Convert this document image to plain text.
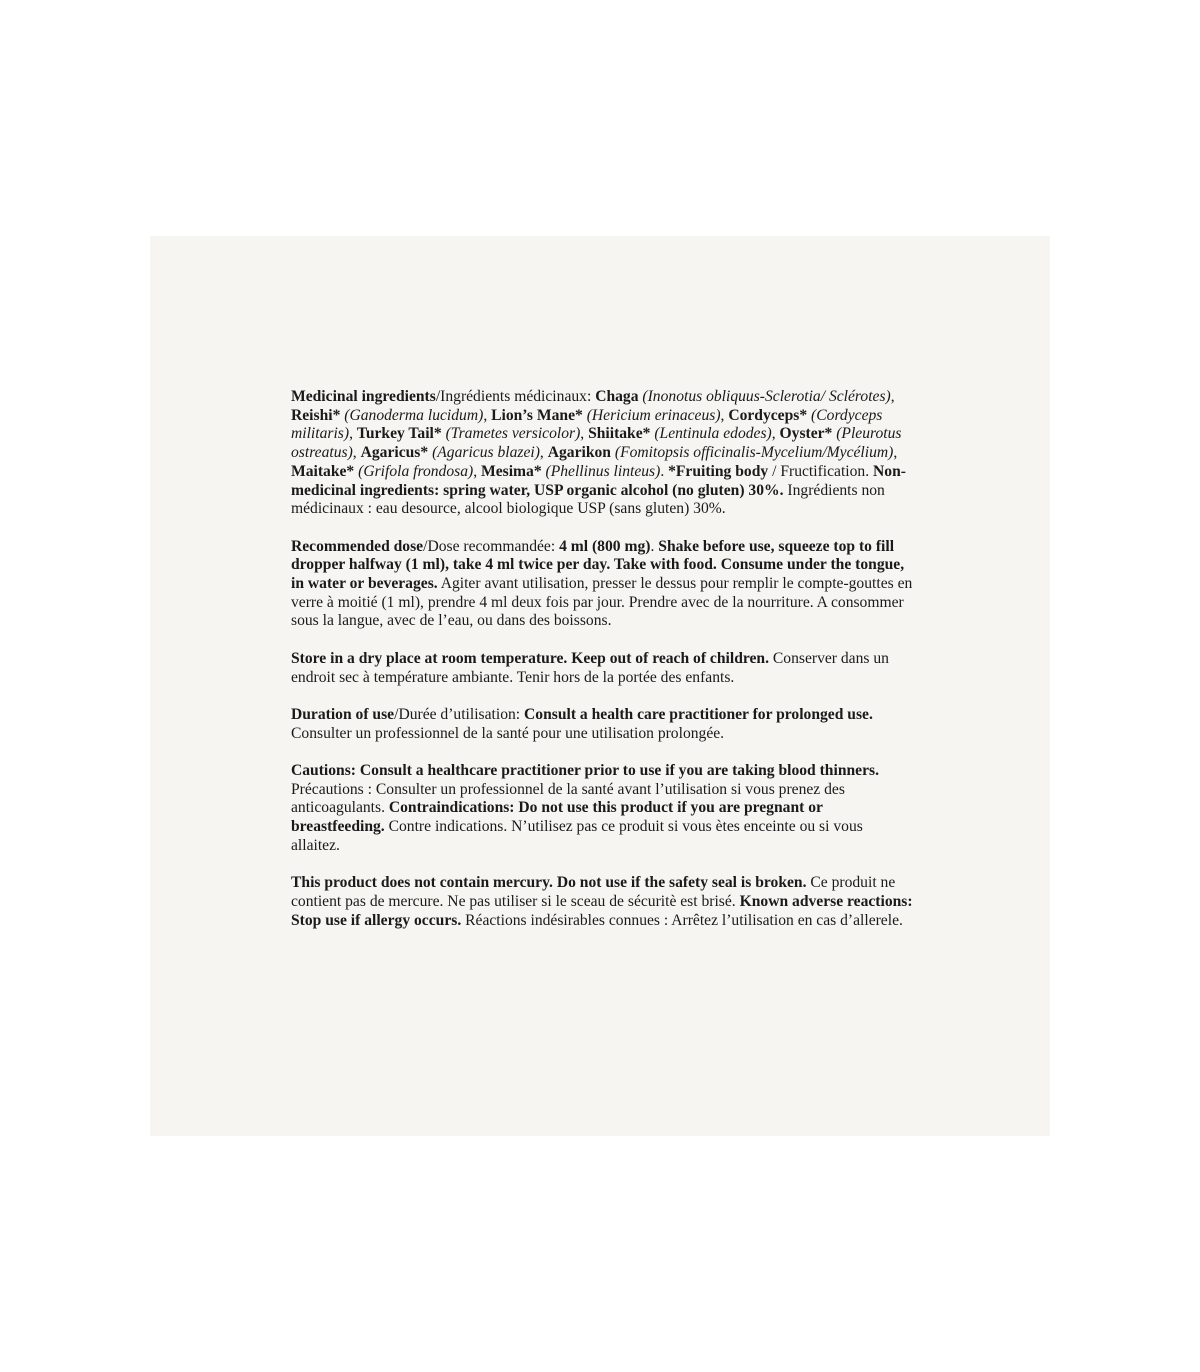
Medicinal ingredients/Ingrédients médicinaux: Chaga (Inonotus obliquus-Sclerotia/ Sclérotes), Reishi* (Ganoderma lucidum), Lion’s Mane* (Hericium erinaceus), Cordyceps* (Cordyceps militaris), Turkey Tail* (Trametes versicolor), Shiitake* (Lentinula edodes), Oyster* (Pleurotus ostreatus), Agaricus* (Agaricus blazei), Agarikon (Fomitopsis officinalis-Mycelium/Mycélium), Maitake* (Grifola frondosa), Mesima* (Phellinus linteus). *Fruiting body / Fructification. Non-medicinal ingredients: spring water, USP organic alcohol (no gluten) 30%. Ingrédients non médicinaux : eau desource, alcool biologique USP (sans gluten) 30%.

Recommended dose/Dose recommandée: 4 ml (800 mg). Shake before use, squeeze top to fill dropper halfway (1 ml), take 4 ml twice per day. Take with food. Consume under the tongue, in water or beverages. Agiter avant utilisation, presser le dessus pour remplir le compte-gouttes en verre à moitié (1 ml), prendre 4 ml deux fois par jour. Prendre avec de la nourriture. A consommer sous la langue, avec de l’eau, ou dans des boissons.

Store in a dry place at room temperature. Keep out of reach of children. Conserver dans un endroit sec à température ambiante. Tenir hors de la portée des enfants.

Duration of use/Durée d’utilisation: Consult a health care practitioner for prolonged use. Consulter un professionnel de la santé pour une utilisation prolongée.

Cautions: Consult a healthcare practitioner prior to use if you are taking blood thinners. Précautions : Consulter un professionnel de la santé avant l’utilisation si vous prenez des anticoagulants. Contraindications: Do not use this product if you are pregnant or breastfeeding. Contre indications. N’utilisez pas ce produit si vous ètes enceinte ou si vous allaitez.

This product does not contain mercury. Do not use if the safety seal is broken. Ce produit ne contient pas de mercure. Ne pas utiliser si le sceau de sécuritè est brisé. Known adverse reactions: Stop use if allergy occurs. Réactions indésirables connues : Arrêtez l’utilisation en cas d’allerele.
